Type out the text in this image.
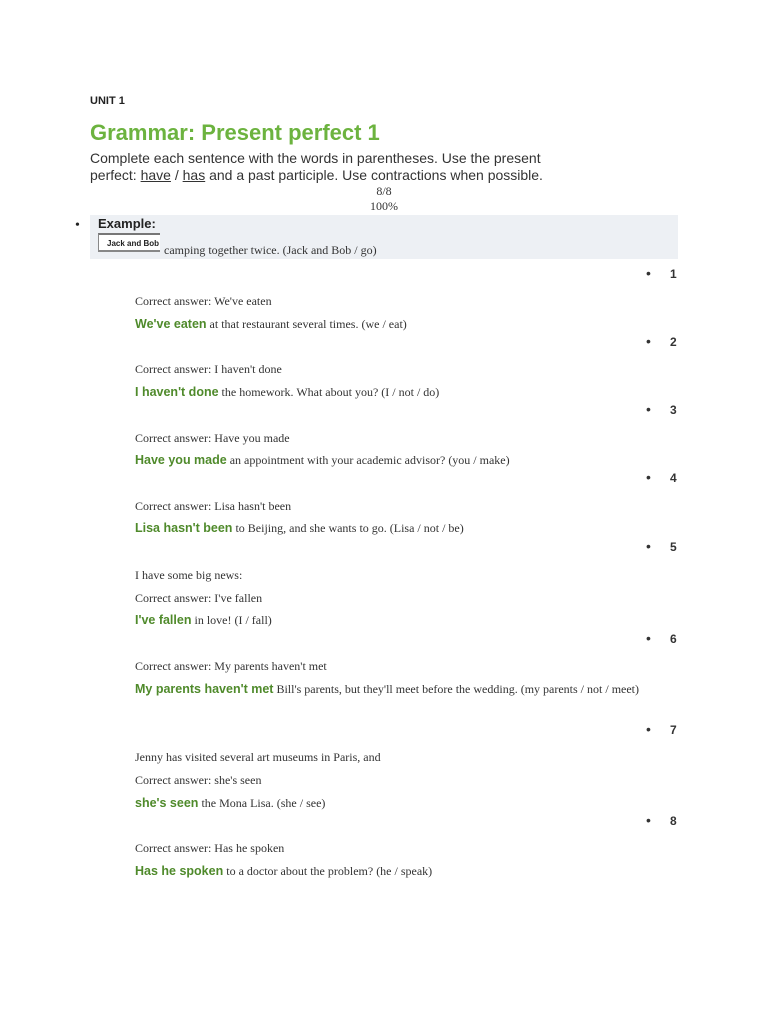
UNIT 1
Grammar: Present perfect 1
Complete each sentence with the words in parentheses. Use the present
perfect: have / has and a past participle. Use contractions when possible.
8/8
100%
• Example:
Jack and Bob camping together twice. (Jack and Bob / go)
• 1
Correct answer: We've eaten
We've eaten at that restaurant several times. (we / eat)
• 2
Correct answer: I haven't done
I haven't done the homework. What about you? (I / not / do)
• 3
Correct answer: Have you made
Have you made an appointment with your academic advisor? (you / make)
• 4
Correct answer: Lisa hasn't been
Lisa hasn't been to Beijing, and she wants to go. (Lisa / not / be)
• 5
I have some big news:
Correct answer: I've fallen
I've fallen in love! (I / fall)
• 6
Correct answer: My parents haven't met
My parents haven't met Bill's parents, but they'll meet before the wedding. (my parents / not / meet)
• 7
Jenny has visited several art museums in Paris, and
Correct answer: she's seen
she's seen the Mona Lisa. (she / see)
• 8
Correct answer: Has he spoken
Has he spoken to a doctor about the problem? (he / speak)
